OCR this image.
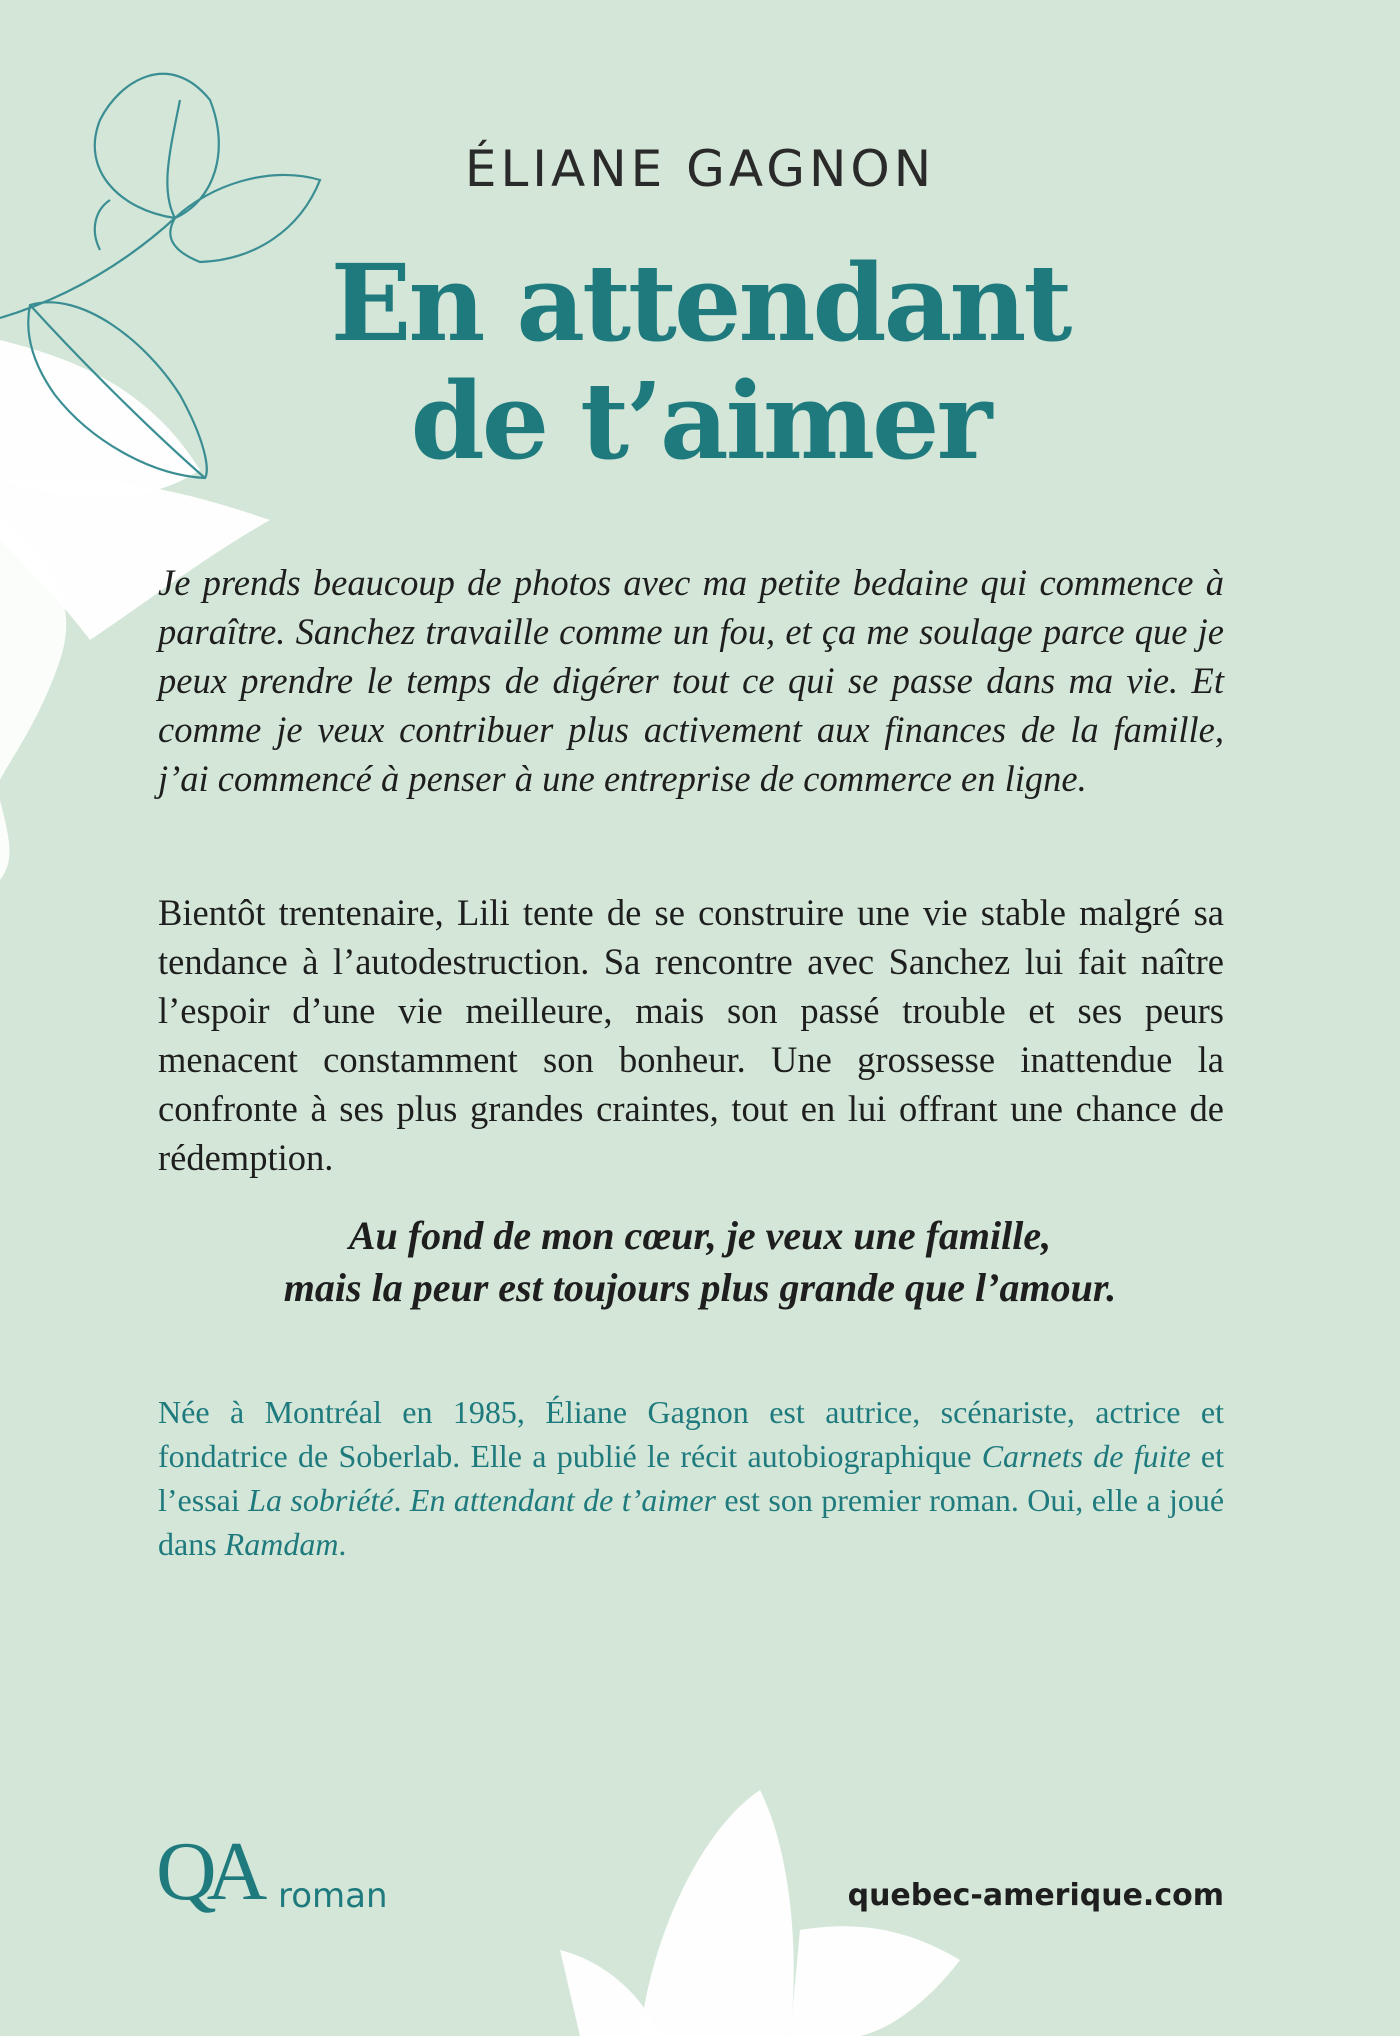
ÉLIANE GAGNON
En attendant
de t’aimer

Je prends beaucoup de photos avec ma petite bedaine qui commence à paraître. Sanchez travaille comme un fou, et ça me soulage parce que je peux prendre le temps de digérer tout ce qui se passe dans ma vie. Et comme je veux contribuer plus activement aux finances de la famille, j’ai commencé à penser à une entreprise de commerce en ligne.

Bientôt trentenaire, Lili tente de se construire une vie stable malgré sa tendance à l’autodestruction. Sa rencontre avec Sanchez lui fait naître l’espoir d’une vie meilleure, mais son passé trouble et ses peurs menacent constamment son bonheur. Une grossesse inattendue la confronte à ses plus grandes craintes, tout en lui offrant une chance de rédemption.

Au fond de mon cœur, je veux une famille,
mais la peur est toujours plus grande que l’amour.

Née à Montréal en 1985, Éliane Gagnon est autrice, scénariste, actrice et fondatrice de Soberlab. Elle a publié le récit autobiographique Carnets de fuite et l’essai La sobriété. En attendant de t’aimer est son premier roman. Oui, elle a joué dans Ramdam.

QA roman	quebec-amerique.com
